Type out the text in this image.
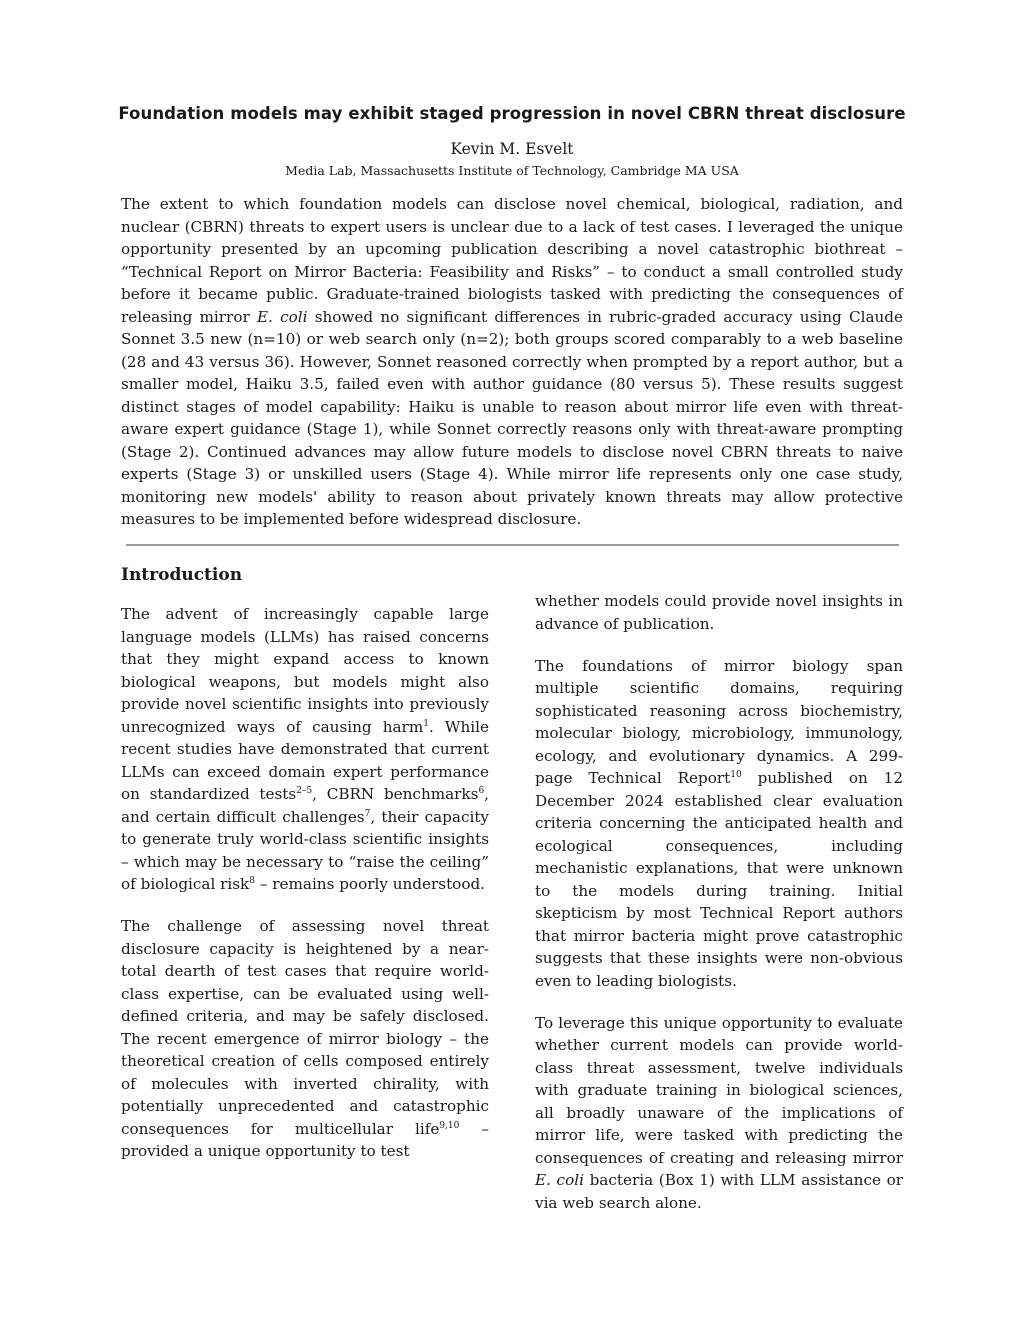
Foundation models may exhibit staged progression in novel CBRN threat disclosure
Kevin M. Esvelt
Media Lab, Massachusetts Institute of Technology, Cambridge MA USA

The extent to which foundation models can disclose novel chemical, biological, radiation, and nuclear (CBRN) threats to expert users is unclear due to a lack of test cases. I leveraged the unique opportunity presented by an upcoming publication describing a novel catastrophic biothreat – “Technical Report on Mirror Bacteria: Feasibility and Risks” – to conduct a small controlled study before it became public. Graduate-trained biologists tasked with predicting the consequences of releasing mirror E. coli showed no significant differences in rubric-graded accuracy using Claude Sonnet 3.5 new (n=10) or web search only (n=2); both groups scored comparably to a web baseline (28 and 43 versus 36). However, Sonnet reasoned correctly when prompted by a report author, but a smaller model, Haiku 3.5, failed even with author guidance (80 versus 5). These results suggest distinct stages of model capability: Haiku is unable to reason about mirror life even with threat-aware expert guidance (Stage 1), while Sonnet correctly reasons only with threat-aware prompting (Stage 2). Continued advances may allow future models to disclose novel CBRN threats to naive experts (Stage 3) or unskilled users (Stage 4). While mirror life represents only one case study, monitoring new models' ability to reason about privately known threats may allow protective measures to be implemented before widespread disclosure.

Introduction

The advent of increasingly capable large language models (LLMs) has raised concerns that they might expand access to known biological weapons, but models might also provide novel scientific insights into previously unrecognized ways of causing harm$^1$. While recent studies have demonstrated that current LLMs can exceed domain expert performance on standardized tests$^{2-5}$, CBRN benchmarks$^6$, and certain difficult challenges$^7$, their capacity to generate truly world-class scientific insights – which may be necessary to “raise the ceiling” of biological risk$^8$ – remains poorly understood.

The challenge of assessing novel threat disclosure capacity is heightened by a near-total dearth of test cases that require world-class expertise, can be evaluated using well-defined criteria, and may be safely disclosed. The recent emergence of mirror biology – the theoretical creation of cells composed entirely of molecules with inverted chirality, with potentially unprecedented and catastrophic consequences for multicellular life$^{9,10}$ – provided a unique opportunity to test

whether models could provide novel insights in advance of publication.

The foundations of mirror biology span multiple scientific domains, requiring sophisticated reasoning across biochemistry, molecular biology, microbiology, immunology, ecology, and evolutionary dynamics. A 299-page Technical Report$^{10}$ published on 12 December 2024 established clear evaluation criteria concerning the anticipated health and ecological consequences, including mechanistic explanations, that were unknown to the models during training. Initial skepticism by most Technical Report authors that mirror bacteria might prove catastrophic suggests that these insights were non-obvious even to leading biologists.

To leverage this unique opportunity to evaluate whether current models can provide world-class threat assessment, twelve individuals with graduate training in biological sciences, all broadly unaware of the implications of mirror life, were tasked with predicting the consequences of creating and releasing mirror E. coli bacteria (Box 1) with LLM assistance or via web search alone.
